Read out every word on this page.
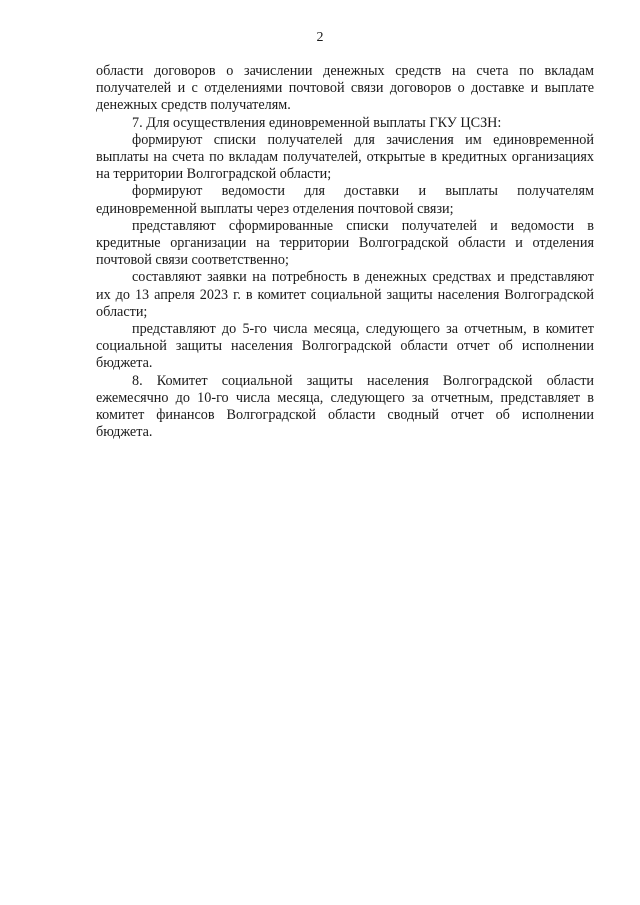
2

области договоров о зачислении денежных средств на счета по вкладам получателей и с отделениями почтовой связи договоров о доставке и выплате денежных средств получателям.

7. Для осуществления единовременной выплаты ГКУ ЦСЗН:

формируют списки получателей для зачисления им единовременной выплаты на счета по вкладам получателей, открытые в кредитных организациях на территории Волгоградской области;

формируют ведомости для доставки и выплаты получателям единовременной выплаты через отделения почтовой связи;

представляют сформированные списки получателей и ведомости в кредитные организации на территории Волгоградской области и отделения почтовой связи соответственно;

составляют заявки на потребность в денежных средствах и представляют их до 13 апреля 2023 г. в комитет социальной защиты населения Волгоградской области;

представляют до 5-го числа месяца, следующего за отчетным, в комитет социальной защиты населения Волгоградской области отчет об исполнении бюджета.

8. Комитет социальной защиты населения Волгоградской области ежемесячно до 10-го числа месяца, следующего за отчетным, представляет в комитет финансов Волгоградской области сводный отчет об исполнении бюджета.
